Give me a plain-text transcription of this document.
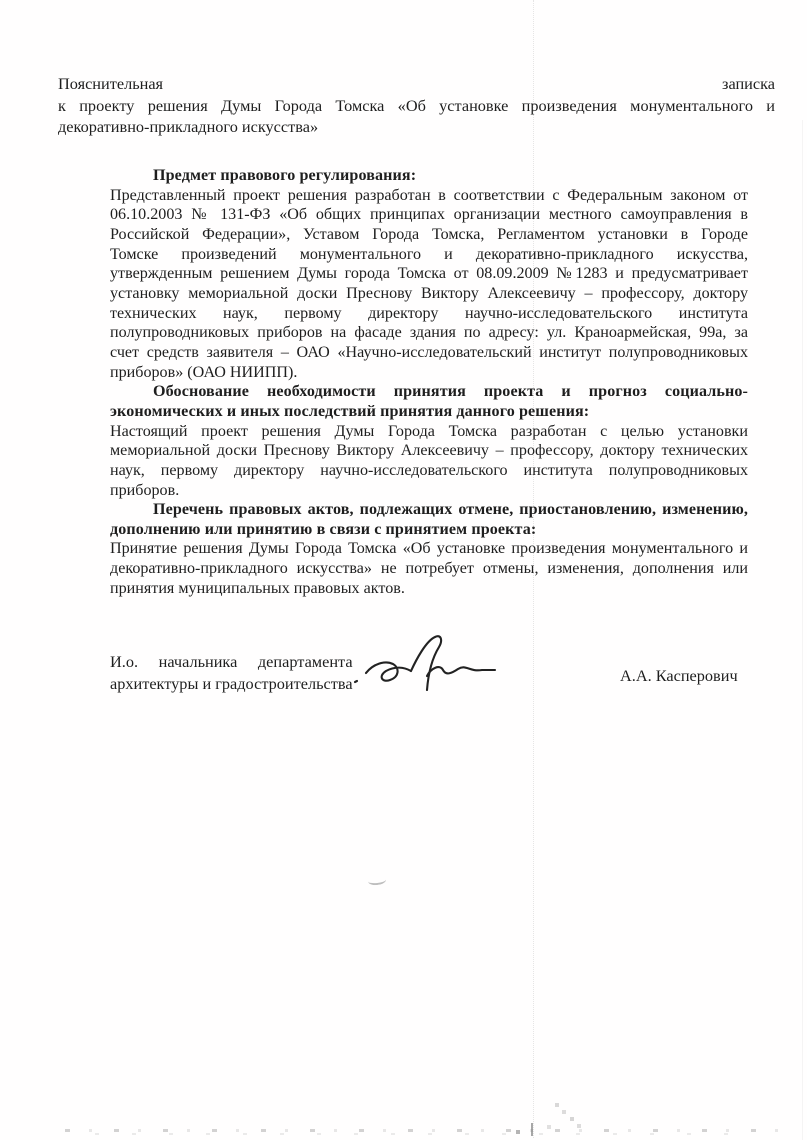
Пояснительная записка
к проекту решения Думы Города Томска «Об установке произведения монументального и
декоративно-прикладного искусства»
Предмет правового регулирования:
Представленный проект решения разработан в соответствии с Федеральным законом от
06.10.2003 № 131-ФЗ «Об общих принципах организации местного самоуправления в
Российской Федерации», Уставом Города Томска, Регламентом установки в Городе
Томске произведений монументального и декоративно-прикладного искусства,
утвержденным решением Думы города Томска от 08.09.2009 №1283 и предусматривает
установку мемориальной доски Преснову Виктору Алексеевичу – профессору, доктору
технических наук, первому директору научно-исследовательского института
полупроводниковых приборов на фасаде здания по адресу: ул. Краноармейская, 99а, за
счет средств заявителя – ОАО «Научно-исследовательский институт полупроводниковых
приборов» (ОАО НИИПП).
Обоснование необходимости принятия проекта и прогноз социально-
экономических и иных последствий принятия данного решения:
Настоящий проект решения Думы Города Томска разработан с целью установки
мемориальной доски Преснову Виктору Алексеевичу – профессору, доктору технических
наук, первому директору научно-исследовательского института полупроводниковых
приборов.
Перечень правовых актов, подлежащих отмене, приостановлению, изменению,
дополнению или принятию в связи с принятием проекта:
Принятие решения Думы Города Томска «Об установке произведения монументального и
декоративно-прикладного искусства» не потребует отмены, изменения, дополнения или
принятия муниципальных правовых актов.
И.о. начальника департамента
архитектуры и градостроительства	А.А. Касперович
